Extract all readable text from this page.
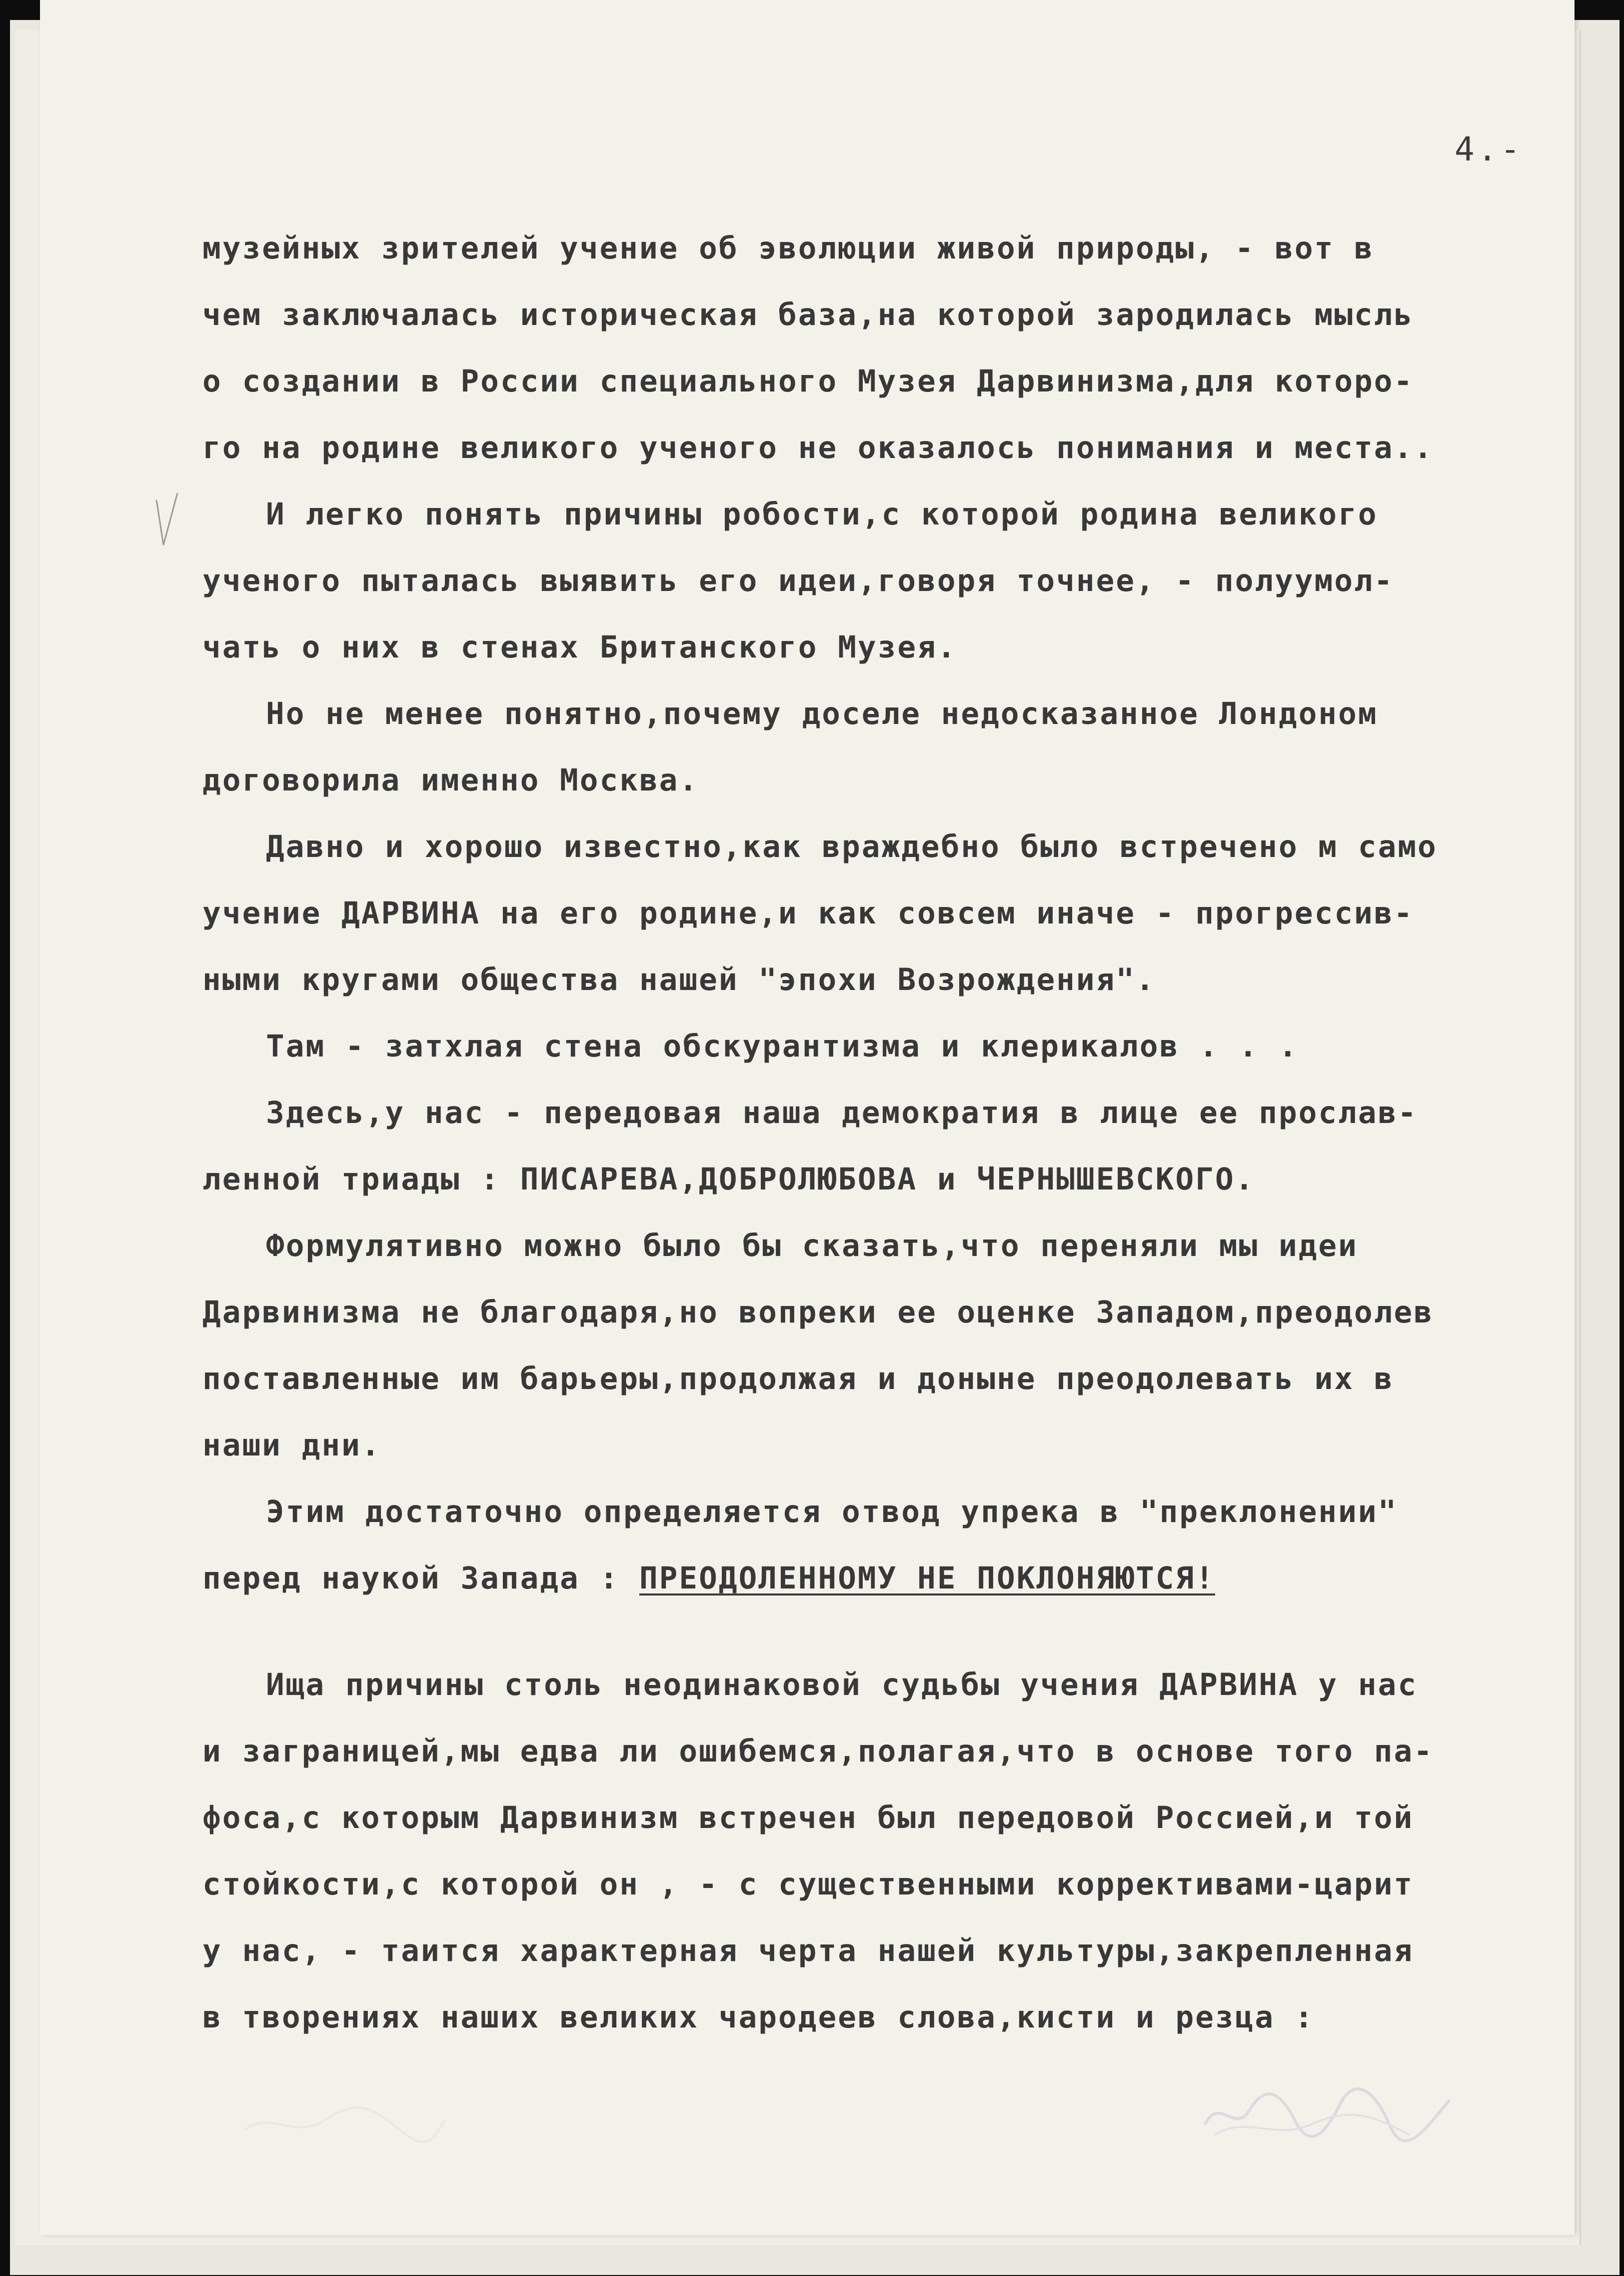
4.-
музейных зрителей учение об эволюции живой природы, - вот в
чем заключалась историческая база,на которой зародилась мысль
о создании в России специального Музея Дарвинизма,для которо-
го на родине великого ученого не оказалось понимания и места..
И легко понять причины робости,с которой родина великого
ученого пыталась выявить его идеи,говоря точнее, - полуумол-
чать о них в стенах Британского Музея.
Но не менее понятно,почему доселе недосказанное Лондоном
договорила именно Москва.
Давно и хорошо известно,как враждебно было встречено м само
учение ДАРВИНА на его родине,и как совсем иначе - прогрессив-
ными кругами общества нашей "эпохи Возрождения".
Там - затхлая стена обскурантизма и клерикалов . . .
Здесь,у нас - передовая наша демократия в лице ее прослав-
ленной триады : ПИСАРЕВА,ДОБРОЛЮБОВА и ЧЕРНЫШЕВСКОГО.
Формулятивно можно было бы сказать,что переняли мы идеи
Дарвинизма не благодаря,но вопреки ее оценке Западом,преодолев
поставленные им барьеры,продолжая и доныне преодолевать их в
наши дни.
Этим достаточно определяется отвод упрека в "преклонении"
перед наукой Запада : ПРЕОДОЛЕННОМУ НЕ ПОКЛОНЯЮТСЯ!
Ища причины столь неодинаковой судьбы учения ДАРВИНА у нас
и заграницей,мы едва ли ошибемся,полагая,что в основе того па-
фоса,с которым Дарвинизм встречен был передовой Россией,и той
стойкости,с которой он , - с существенными коррективами-царит
у нас, - таится характерная черта нашей культуры,закрепленная
в творениях наших великих чародеев слова,кисти и резца :
